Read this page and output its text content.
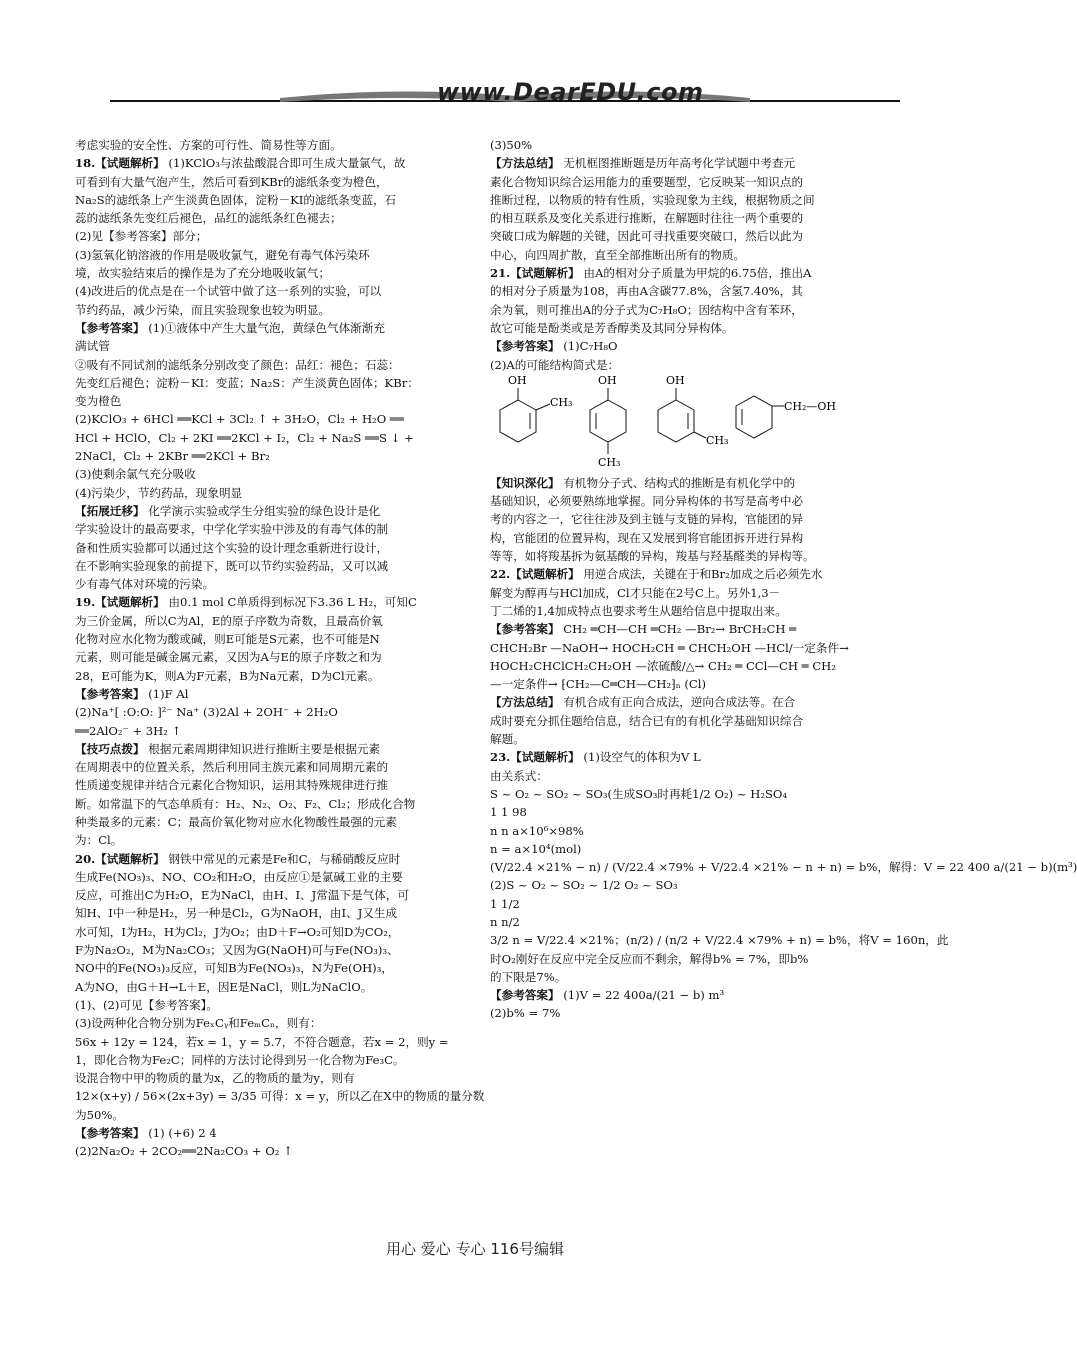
www.DearEDU.com
考虑实验的安全性、方案的可行性、简易性等方面。
18.【试题解析】 (1)KClO₃与浓盐酸混合即可生成大量氯气，故
可看到有大量气泡产生，然后可看到KBr的滤纸条变为橙色，
Na₂S的滤纸条上产生淡黄色固体，淀粉－KI的滤纸条变蓝，石
蕊的滤纸条先变红后褪色，品红的滤纸条红色褪去；
(2)见【参考答案】部分；
(3)氢氧化钠溶液的作用是吸收氯气，避免有毒气体污染环
境，故实验结束后的操作是为了充分地吸收氯气；
(4)改进后的优点是在一个试管中做了这一系列的实验，可以
节约药品，减少污染，而且实验现象也较为明显。
【参考答案】 (1)①液体中产生大量气泡，黄绿色气体渐渐充
满试管
②吸有不同试剂的滤纸条分别改变了颜色：品红：褪色；石蕊：
先变红后褪色；淀粉－KI：变蓝；Na₂S：产生淡黄色固体；KBr：
变为橙色
(2)KClO₃ + 6HCl ══KCl + 3Cl₂ ↑ + 3H₂O，Cl₂ + H₂O ══
HCl + HClO，Cl₂ + 2KI ══2KCl + I₂，Cl₂ + Na₂S ══S ↓ +
2NaCl，Cl₂ + 2KBr ══2KCl + Br₂
(3)使剩余氯气充分吸收
(4)污染少，节约药品，现象明显
【拓展迁移】 化学演示实验或学生分组实验的绿色设计是化
学实验设计的最高要求，中学化学实验中涉及的有毒气体的制
备和性质实验都可以通过这个实验的设计理念重新进行设计，
在不影响实验现象的前提下，既可以节约实验药品，又可以减
少有毒气体对环境的污染。
19.【试题解析】 由0.1 mol C单质得到标况下3.36 L H₂，可知C
为三价金属，所以C为Al，E的原子序数为奇数，且最高价氧
化物对应水化物为酸或碱，则E可能是S元素，也不可能是N
元素，则可能是碱金属元素，又因为A与E的原子序数之和为
28，E可能为K，则A为F元素，B为Na元素，D为Cl元素。
【参考答案】 (1)F Al
(2)Na⁺[ :O:O: ]²⁻ Na⁺ (3)2Al + 2OH⁻ + 2H₂O
══2AlO₂⁻ + 3H₂ ↑
【技巧点拨】 根据元素周期律知识进行推断主要是根据元素
在周期表中的位置关系，然后利用同主族元素和同周期元素的
性质递变规律并结合元素化合物知识，运用其特殊规律进行推
断。如常温下的气态单质有：H₂、N₂、O₂、F₂、Cl₂；形成化合物
种类最多的元素：C；最高价氧化物对应水化物酸性最强的元素
为：Cl。
20.【试题解析】 钢铁中常见的元素是Fe和C，与稀硝酸反应时
生成Fe(NO₃)₃、NO、CO₂和H₂O，由反应①是氯碱工业的主要
反应，可推出C为H₂O，E为NaCl，由H、I、J常温下是气体，可
知H、I中一种是H₂，另一种是Cl₂，G为NaOH，由I、J又生成
水可知，I为H₂，H为Cl₂，J为O₂；由D＋F→O₂可知D为CO₂，
F为Na₂O₂，M为Na₂CO₃；又因为G(NaOH)可与Fe(NO₃)₃、
NO中的Fe(NO₃)₃反应，可知B为Fe(NO₃)₃，N为Fe(OH)₃，
A为NO，由G＋H→L＋E，因E是NaCl，则L为NaClO。
(1)、(2)可见【参考答案】。
(3)设两种化合物分别为FeₓCᵧ和FeₘCₙ，则有：
56x + 12y = 124，若x = 1，y = 5.7，不符合题意，若x = 2，则y =
1，即化合物为Fe₂C；同样的方法讨论得到另一化合物为Fe₃C。
设混合物中甲的物质的量为x，乙的物质的量为y，则有
12×(x+y) / 56×(2x+3y) = 3/35 可得：x = y，所以乙在X中的物质的量分数
为50%。
【参考答案】 (1) (+6) 2 4
(2)2Na₂O₂ + 2CO₂══2Na₂CO₃ + O₂ ↑
(3)50%
【方法总结】 无机框图推断题是历年高考化学试题中考查元
素化合物知识综合运用能力的重要题型，它反映某一知识点的
推断过程，以物质的特有性质，实验现象为主线，根据物质之间
的相互联系及变化关系进行推断，在解题时往往一两个重要的
突破口成为解题的关键，因此可寻找重要突破口，然后以此为
中心，向四周扩散，直至全部推断出所有的物质。
21.【试题解析】 由A的相对分子质量为甲烷的6.75倍，推出A
的相对分子质量为108，再由A含碳77.8%，含氢7.40%，其
余为氧，则可推出A的分子式为C₇H₈O；因结构中含有苯环，
故它可能是酚类或是芳香醇类及其同分异构体。
【参考答案】 (1)C₇H₈O
(2)A的可能结构简式是：
OH
CH₃
OH
CH₃
OH
CH₃
CH₂—OH
【知识深化】 有机物分子式、结构式的推断是有机化学中的
基础知识，必须要熟练地掌握。同分异构体的书写是高考中必
考的内容之一，它往往涉及到主链与支链的异构，官能团的异
构，官能团的位置异构，现在又发展到将官能团拆开进行异构
等等，如将羧基拆为氨基酸的异构，羧基与羟基醛类的异构等。
22.【试题解析】 用逆合成法，关键在于和Br₂加成之后必须先水
解变为醇再与HCl加成，Cl才只能在2号C上。另外1,3－
丁二烯的1,4加成特点也要求考生从题给信息中提取出来。
【参考答案】 CH₂ ═CH—CH ═CH₂ —Br₂→ BrCH₂CH ═
CHCH₂Br —NaOH→ HOCH₂CH ═ CHCH₂OH —HCl/一定条件→
HOCH₂CHClCH₂CH₂OH —浓硫酸/△→ CH₂ ═ CCl—CH ═ CH₂
—一定条件→ ⁅CH₂—C═CH—CH₂⁆ₙ (Cl)
【方法总结】 有机合成有正向合成法，逆向合成法等。在合
成时要充分抓住题给信息，结合已有的有机化学基础知识综合
解题。
23.【试题解析】 (1)设空气的体积为V L
由关系式：
S ~ O₂ ~ SO₂ ~ SO₃(生成SO₃时再耗1/2 O₂) ~ H₂SO₄
1 1 98
n n a×10⁶×98%
n = a×10⁴(mol)
(V/22.4 ×21% − n) / (V/22.4 ×79% + V/22.4 ×21% − n + n) = b%，解得：V = 22 400 a/(21 − b)(m³)
(2)S ~ O₂ ~ SO₂ ~ 1/2 O₂ ~ SO₃
1 1/2
n n/2
3/2 n = V/22.4 ×21%；(n/2) / (n/2 + V/22.4 ×79% + n) = b%，将V = 160n，此
时O₂刚好在反应中完全反应而不剩余，解得b% = 7%，即b%
的下限是7%。
【参考答案】 (1)V = 22 400a/(21 − b) m³
(2)b% = 7%
用心 爱心 专心 116号编辑
